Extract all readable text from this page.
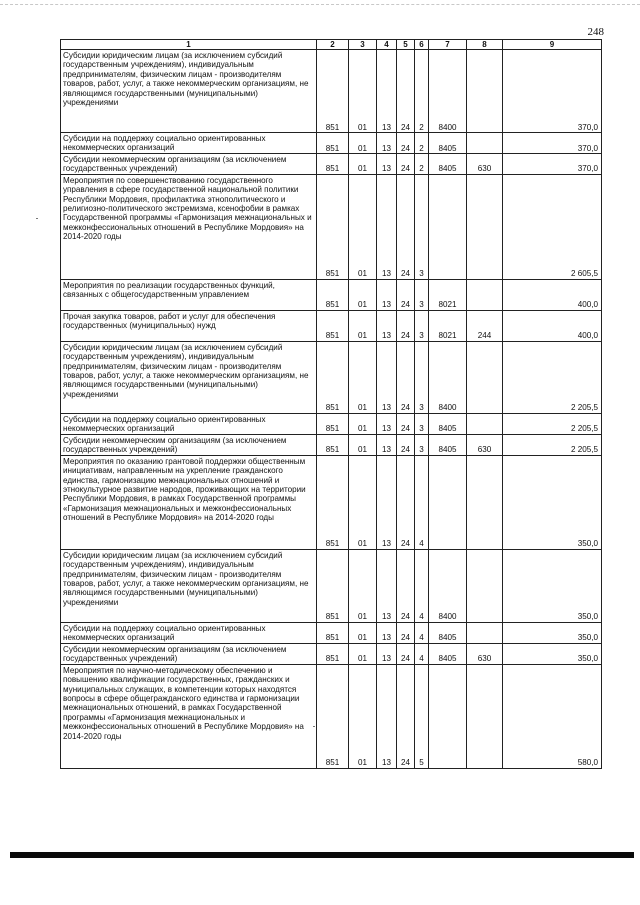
248
1	2	3	4	5	6	7	8	9
Субсидии юридическим лицам (за исключением субсидий государственным учреждениям), индивидуальным предпринимателям, физическим лицам - производителям товаров, работ, услуг, а также некоммерческим организациям, не являющимся государственными (муниципальными) учреждениями	851	01	13	24	2	8400		370,0
Субсидии на поддержку социально ориентированных некоммерческих организаций	851	01	13	24	2	8405		370,0
Субсидии некоммерческим организациям (за исключением государственных учреждений)	851	01	13	24	2	8405	630	370,0
Мероприятия по совершенствованию государственного управления в сфере государственной национальной политики Республики Мордовия, профилактика этнополитического и религиозно-политического экстремизма, ксенофобии в рамках Государственной программы «Гармонизация межнациональных и межконфессиональных отношений в Республике Мордовия» на 2014-2020 годы	851	01	13	24	3			2 605,5
Мероприятия по реализации государственных функций, связанных с общегосударственным управлением	851	01	13	24	3	8021		400,0
Прочая закупка товаров, работ и услуг для обеспечения государственных (муниципальных) нужд	851	01	13	24	3	8021	244	400,0
Субсидии юридическим лицам (за исключением субсидий государственным учреждениям), индивидуальным предпринимателям, физическим лицам - производителям товаров, работ, услуг, а также некоммерческим организациям, не являющимся государственными (муниципальными) учреждениями	851	01	13	24	3	8400		2 205,5
Субсидии на поддержку социально ориентированных некоммерческих организаций	851	01	13	24	3	8405		2 205,5
Субсидии некоммерческим организациям (за исключением государственных учреждений)	851	01	13	24	3	8405	630	2 205,5
Мероприятия по оказанию грантовой поддержки общественным инициативам, направленным на укрепление гражданского единства, гармонизацию межнациональных отношений и этнокультурное развитие народов, проживающих на территории Республики Мордовия, в рамках Государственной программы «Гармонизация межнациональных и межконфессиональных отношений в Республике Мордовия» на 2014-2020 годы	851	01	13	24	4			350,0
Субсидии юридическим лицам (за исключением субсидий государственным учреждениям), индивидуальным предпринимателям, физическим лицам - производителям товаров, работ, услуг, а также некоммерческим организациям, не являющимся государственными (муниципальными) учреждениями	851	01	13	24	4	8400		350,0
Субсидии на поддержку социально ориентированных некоммерческих организаций	851	01	13	24	4	8405		350,0
Субсидии некоммерческим организациям (за исключением государственных учреждений)	851	01	13	24	4	8405	630	350,0
Мероприятия по научно-методическому обеспечению и повышению квалификации государственных, гражданских и муниципальных служащих, в компетенции которых находятся вопросы в сфере общегражданского единства и гармонизации межнациональных отношений, в рамках Государственной программы «Гармонизация межнациональных и межконфессиональных отношений в Республике Мордовия» на 2014-2020 годы	851	01	13	24	5			580,0
